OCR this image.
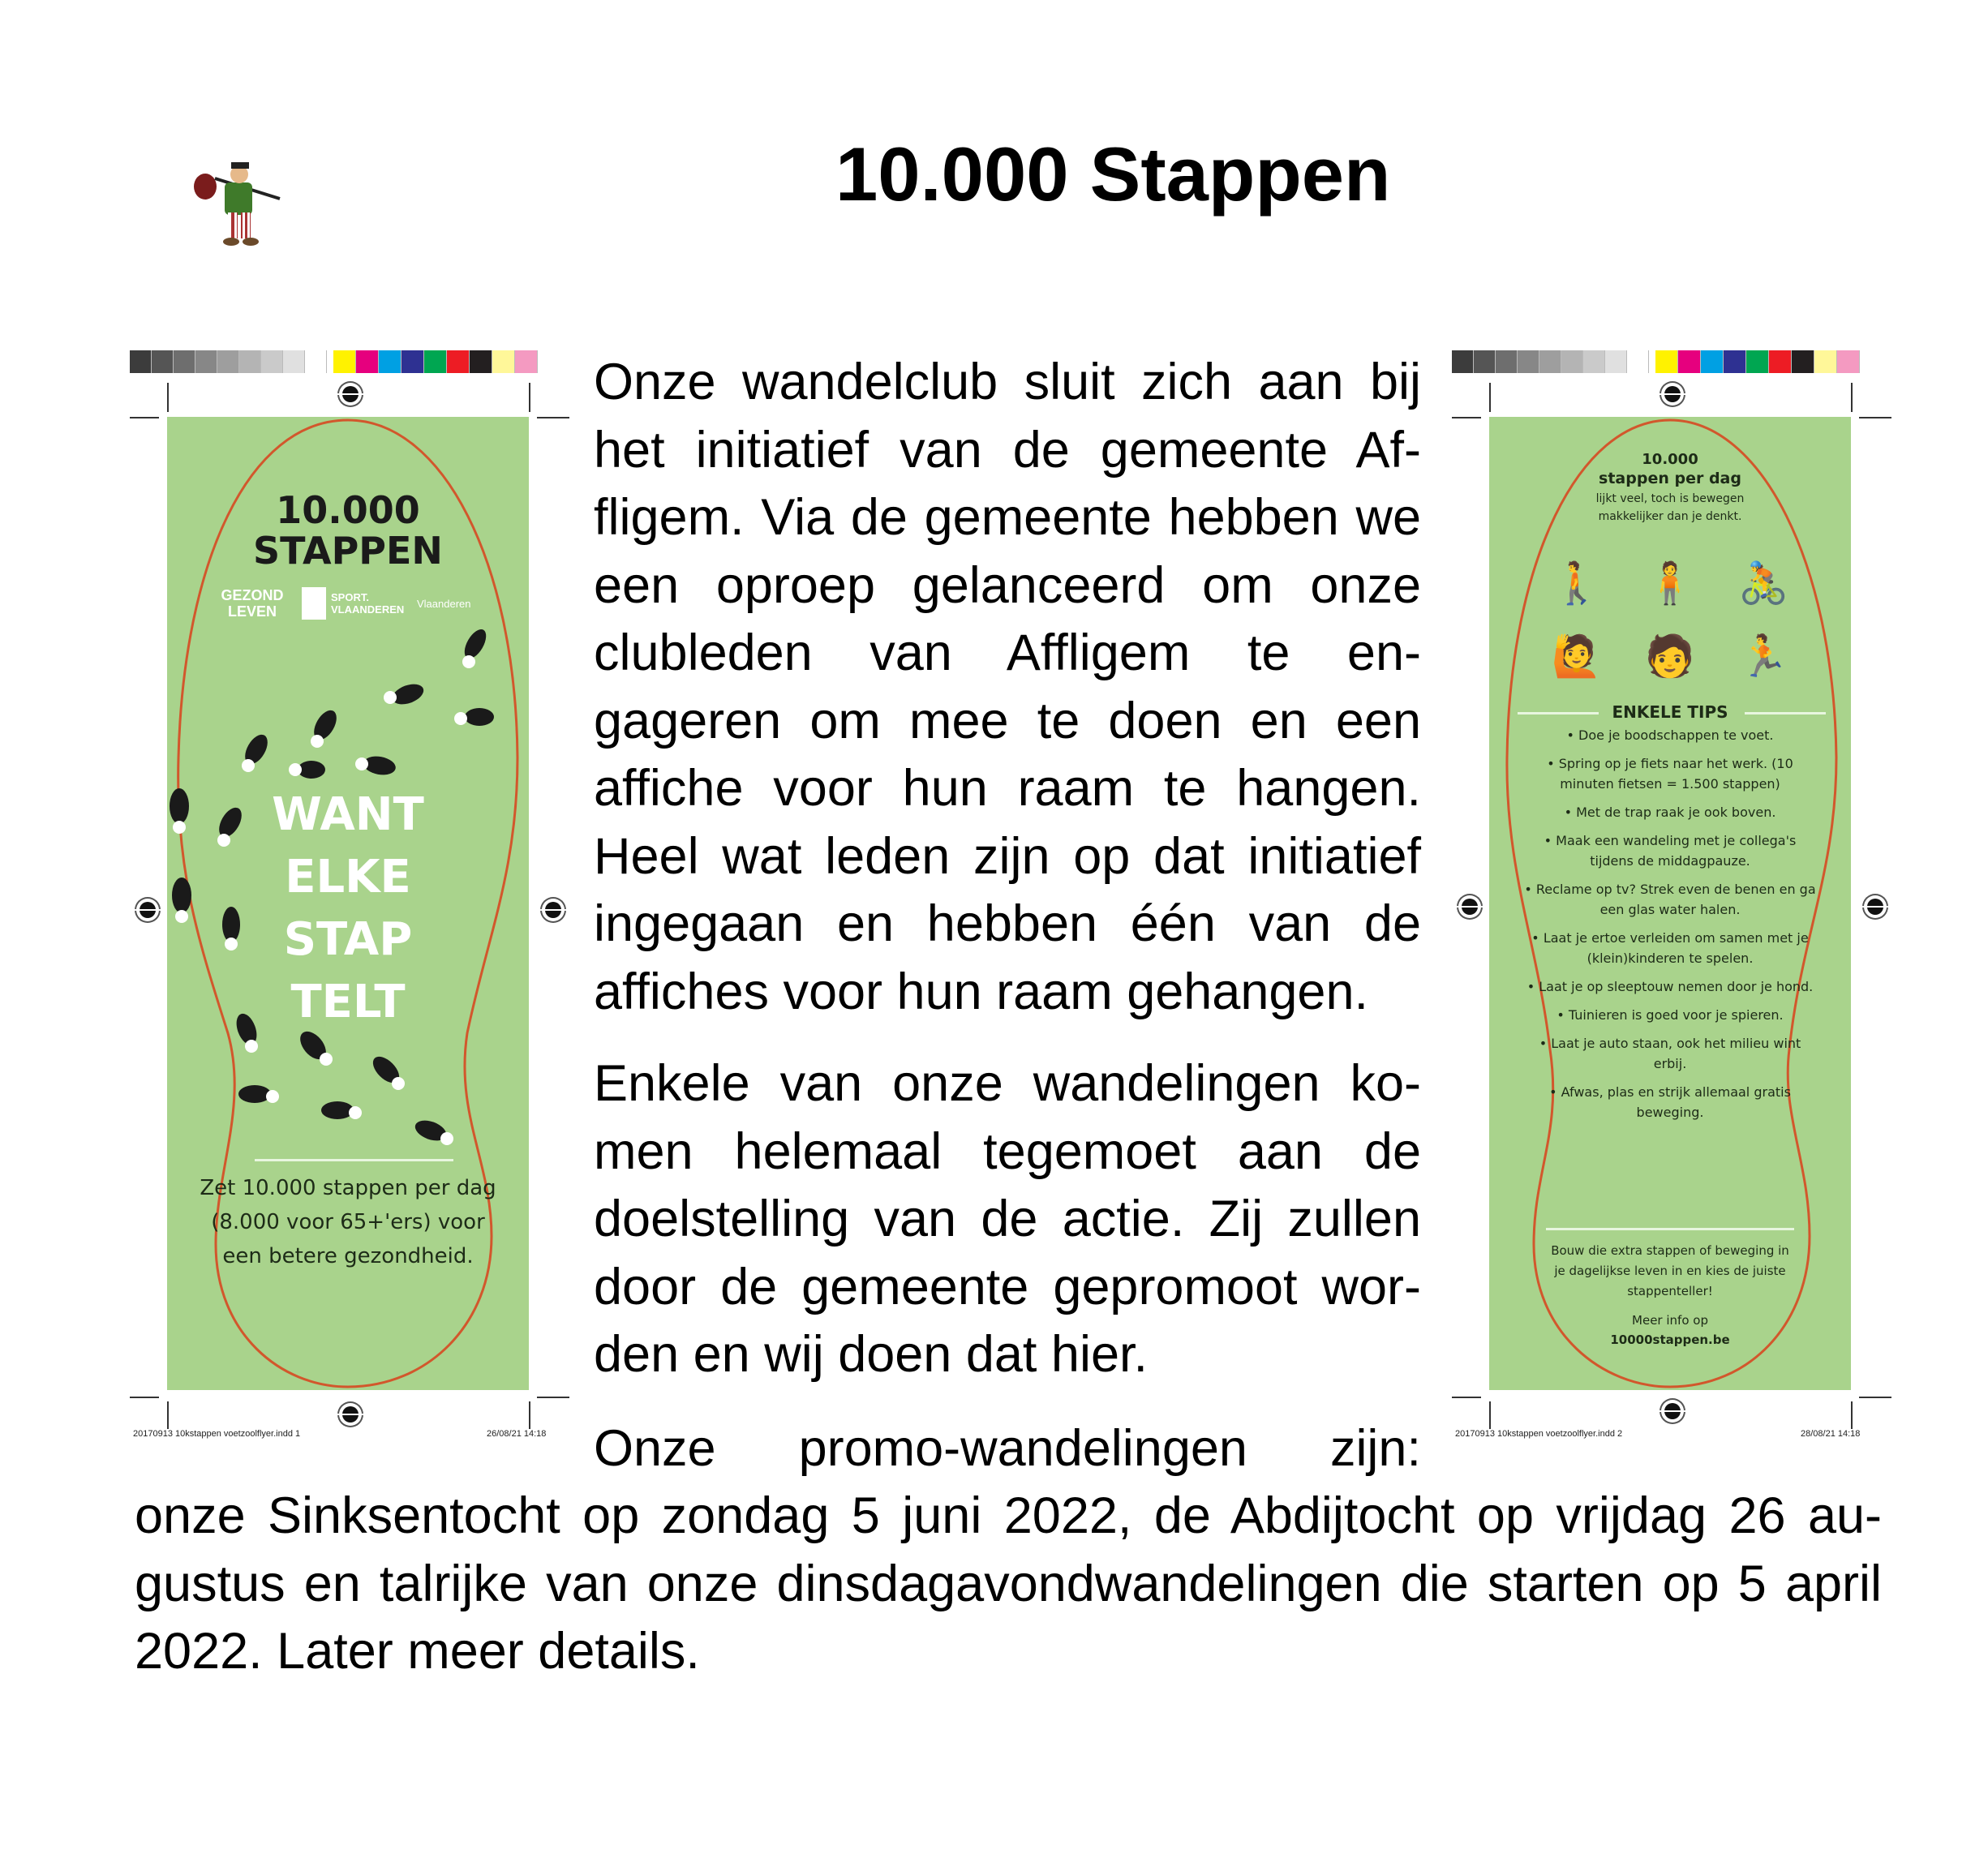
10.000 Stappen
10.000
STAPPEN
GEZOND LEVEN
SPORT. VLAANDEREN Vlaanderen
WANT
ELKE
STAP
TELT
Zet 10.000 stappen per dag (8.000 voor 65+'ers) voor een betere gezondheid.
20170913 10kstappen voetzoolflyer.indd 1	26/08/21 14:18
10.000
stappen per dag
lijkt veel, toch is bewegen makkelijker dan je denkt.
🚶	🧍	🚴
🙋	🧑	🏃
ENKELE TIPS
• Doe je boodschappen te voet.
• Spring op je fiets naar het werk. (10 minuten fietsen = 1.500 stappen)
• Met de trap raak je ook boven.
• Maak een wandeling met je collega's tijdens de middagpauze.
• Reclame op tv? Strek even de benen en ga een glas water halen.
• Laat je ertoe verleiden om samen met je (klein)kinderen te spelen.
• Laat je op sleeptouw nemen door je hond.
• Tuinieren is goed voor je spieren.
• Laat je auto staan, ook het milieu wint erbij.
• Afwas, plas en strijk allemaal gratis beweging.
Bouw die extra stappen of beweging in je dagelijkse leven in en kies de juiste stappenteller!
Meer info op
10000stappen.be
20170913 10kstappen voetzoolflyer.indd 2	28/08/21 14:18

Onze wandelclub sluit zich aan bij het initiatief van de gemeente Af-fligem. Via de gemeente hebben we een oproep gelanceerd om onze clubleden van Affligem te en-gageren om mee te doen en een affiche voor hun raam te hangen. Heel wat leden zijn op dat initiatief ingegaan en hebben één van de affiches voor hun raam gehangen.

Enkele van onze wandelingen ko-men helemaal tegemoet aan de doelstelling van de actie. Zij zullen door de gemeente gepromoot wor-den en wij doen dat hier.

Onze promo-wandelingen zijn:
onze Sinksentocht op zondag 5 juni 2022, de Abdijtocht op vrijdag 26 au-gustus en talrijke van onze dinsdagavondwandelingen die starten op 5 april 2022. Later meer details.
